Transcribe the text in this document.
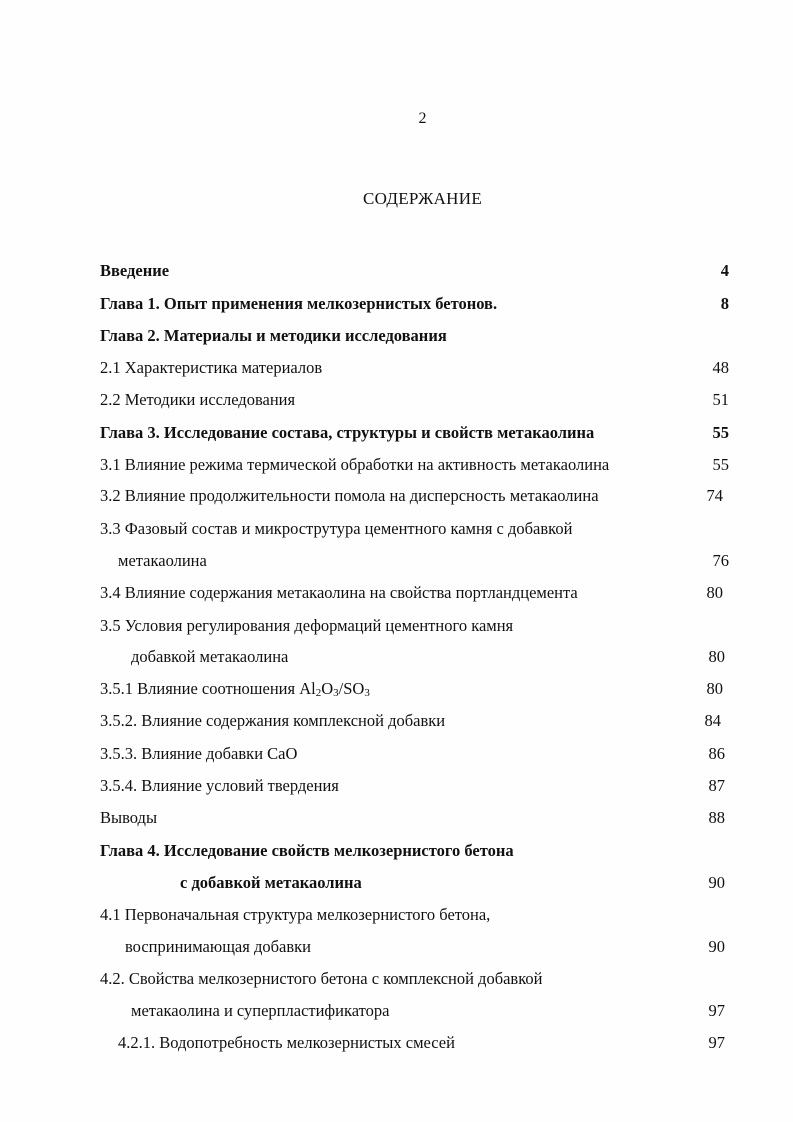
2
СОДЕРЖАНИЕ
Введение	4
Глава 1. Опыт применения мелкозернистых бетонов.	8
Глава 2. Материалы и методики исследования
2.1 Характеристика материалов	48
2.2 Методики исследования	51
Глава 3. Исследование состава, структуры и свойств метакаолина	55
3.1 Влияние режима термической обработки на активность метакаолина	55
3.2 Влияние продолжительности помола на дисперсность метакаолина	74
3.3 Фазовый состав и микрострутура цементного камня с добавкой
метакаолина	76
3.4 Влияние содержания метакаолина на свойства портландцемента	80
3.5 Условия регулирования деформаций цементного камня
добавкой метакаолина	80
3.5.1 Влияние соотношения $Al_2O_3/SO_3$	80
3.5.2. Влияние содержания комплексной добавки	84
3.5.3. Влияние добавки CaO	86
3.5.4. Влияние условий твердения	87
Выводы	88
Глава 4. Исследование свойств мелкозернистого бетона
с добавкой метакаолина	90
4.1 Первоначальная структура мелкозернистого бетона,
воспринимающая добавки	90
4.2. Свойства мелкозернистого бетона с комплексной добавкой
метакаолина и суперпластификатора	97
4.2.1. Водопотребность мелкозернистых смесей	97
